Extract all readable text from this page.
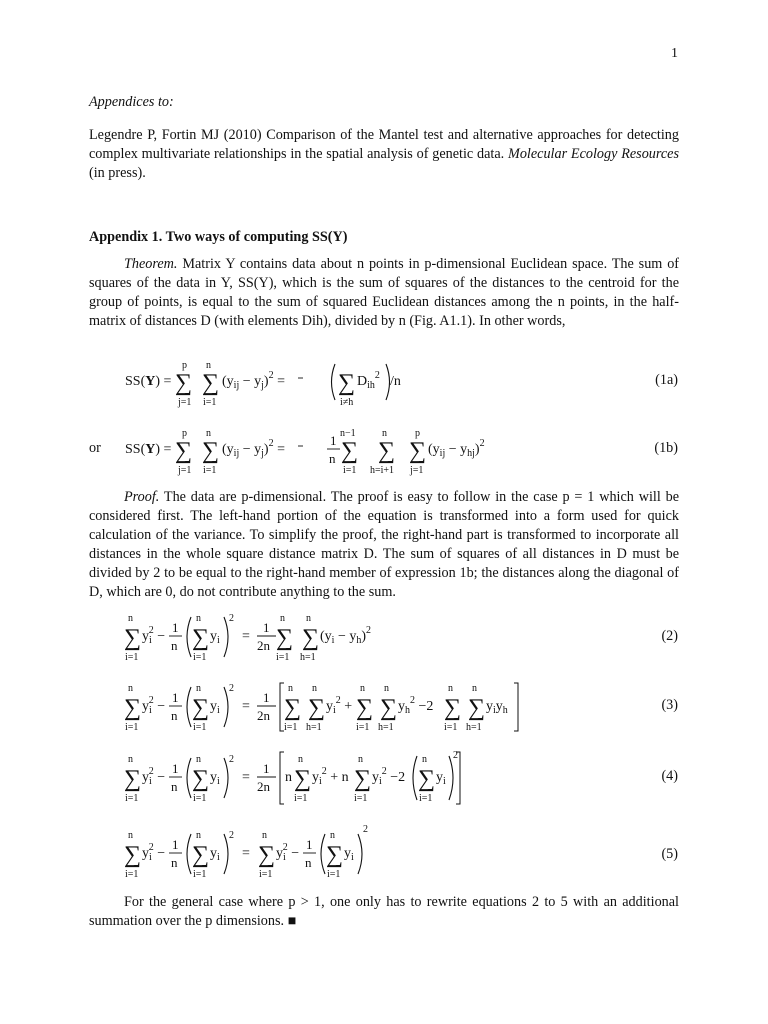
1
Appendices to:
Legendre P, Fortin MJ (2010) Comparison of the Mantel test and alternative approaches for detecting complex multivariate relationships in the spatial analysis of genetic data. Molecular Ecology Resources (in press).
Appendix 1. Two ways of computing SS(Y)
Theorem. Matrix Y contains data about n points in p-dimensional Euclidean space. The sum of squares of the data in Y, SS(Y), which is the sum of squares of the distances to the centroid for the group of points, is equal to the sum of squared Euclidean distances among the n points, in the half-matrix of distances D (with elements Dih), divided by n (Fig. A1.1). In other words,
SS(Y) =
p
∑
j=1
n
∑
i=1
$(y_{ij} - y_j)^2$ = ∑
i≠h
$D_{ih}^2$ /n	(1a)
or SS(Y) =
p
∑
j=1
n
∑
i=1
$(y_{ij} - y_j)^2$ =
1
n
n−1
∑
i=1
n
∑
h=i+1
p
∑
j=1
$(y_{ij} - y_{hj})^2$	(1b)
Proof. The data are p-dimensional. The proof is easy to follow in the case p = 1 which will be considered first. The left-hand portion of the equation is transformed into a form used for quick calculation of the variance. To simplify the proof, the right-hand part is transformed to incorporate all distances in the whole square distance matrix D. The sum of squares of all distances in D must be divided by 2 to be equal to the right-hand member of expression 1b; the distances along the diagonal of D, which are 0, do not contribute anything to the sum.
n
∑
i=1
$y_i2$ −
1
n
n
∑
i=1
$y_i$
2
=
1
2n
n
∑
i=1
n
∑
h=1
$(y_i - y_h)^2$	(2)
n
∑
i=1
$y_i2$ −
1
n
n
∑
i=1
$y_i$
2
=
1
2n
n
∑
i=1
n
∑
h=1
$y_i^2$ +
n
∑
i=1
n
∑
h=1
$y_h^2 -2$
n
∑
i=1
n
∑
h=1
$y_iy_h$	(3)
n
∑
i=1
$y_i2$ −
1
n
n
∑
i=1
$y_i$
2
=
1
2n
n
n
∑
i=1
$y_i^2 + n$
n
∑
i=1
$y_i^2 -2$
n
∑
i=1
$y_i$
2
(4)
n
∑
i=1
$y_i2$ −
1
n
n
∑
i=1
$y_i$
2
=
n
∑
i=1
$y_i2$ −
1
n
n
∑
i=1
$y_i$
2
(5)
For the general case where p > 1, one only has to rewrite equations 2 to 5 with an additional summation over the p dimensions. ■
